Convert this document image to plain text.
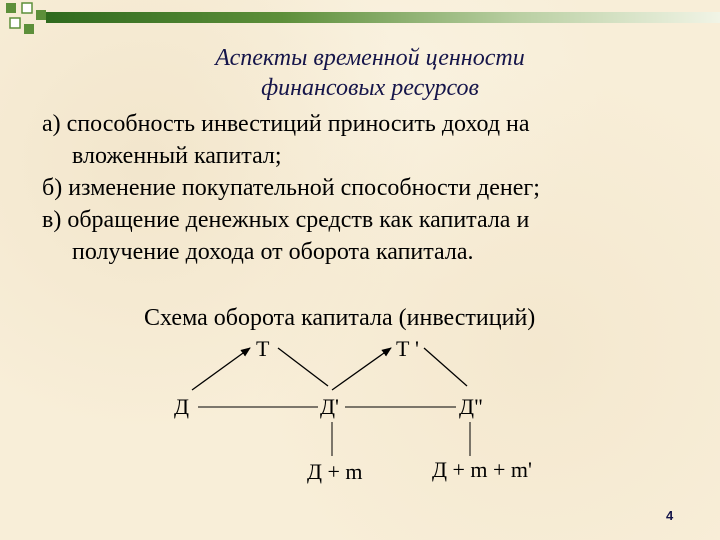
Аспекты временной ценности
финансовых ресурсов
а) способность инвестиций приносить доход на
вложенный капитал;
б) изменение покупательной способности денег;
в) обращение денежных средств как капитала и
получение дохода от оборота капитала.
Схема оборота капитала (инвестиций)
Т	Т '
Д	Д'	Д"
Д + m	Д + m + m'
4
